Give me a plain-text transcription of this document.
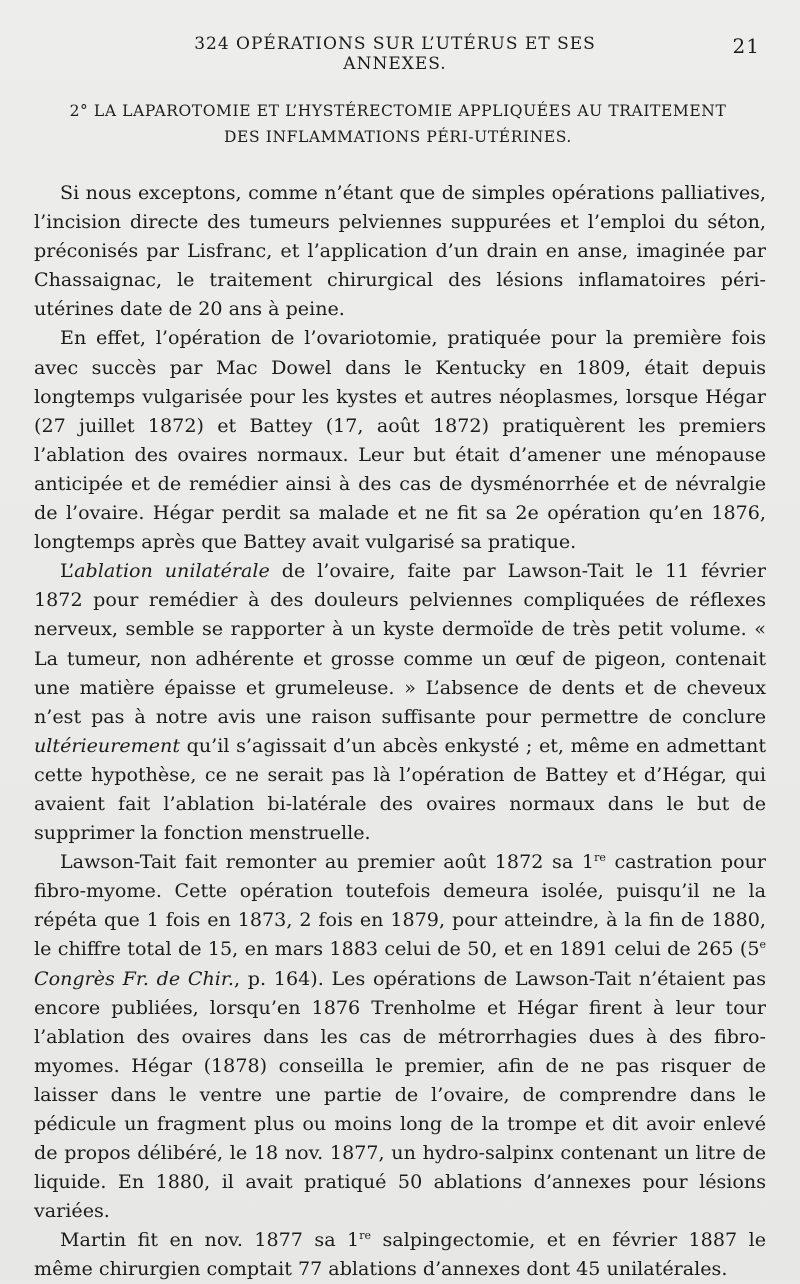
324 OPÉRATIONS SUR L’UTÉRUS ET SES ANNEXES.
21
2° LA LAPAROTOMIE ET L’HYSTÉRECTOMIE APPLIQUÉES AU TRAITEMENT
DES INFLAMMATIONS PÉRI-UTÉRINES.

Si nous exceptons, comme n’étant que de simples opérations palliatives, l’incision directe des tumeurs pelviennes suppurées et l’emploi du séton, préconisés par Lisfranc, et l’application d’un drain en anse, imaginée par Chassaignac, le traitement chirurgical des lésions inflamatoires péri-utérines date de 20 ans à peine.

En effet, l’opération de l’ovariotomie, pratiquée pour la première fois avec succès par Mac Dowel dans le Kentucky en 1809, était depuis longtemps vulgarisée pour les kystes et autres néoplasmes, lorsque Hégar (27 juillet 1872) et Battey (17, août 1872) pratiquèrent les premiers l’ablation des ovaires normaux. Leur but était d’amener une ménopause anticipée et de remédier ainsi à des cas de dysménorrhée et de névralgie de l’ovaire. Hégar perdit sa malade et ne fit sa 2e opération qu’en 1876, longtemps après que Battey avait vulgarisé sa pratique.

L’ablation unilatérale de l’ovaire, faite par Lawson-Tait le 11 février 1872 pour remédier à des douleurs pelviennes compliquées de réflexes nerveux, semble se rapporter à un kyste dermoïde de très petit volume. « La tumeur, non adhérente et grosse comme un œuf de pigeon, contenait une matière épaisse et grumeleuse. » L’absence de dents et de cheveux n’est pas à notre avis une raison suffisante pour permettre de conclure ultérieurement qu’il s’agissait d’un abcès enkysté ; et, même en admettant cette hypothèse, ce ne serait pas là l’opération de Battey et d’Hégar, qui avaient fait l’ablation bi-latérale des ovaires normaux dans le but de supprimer la fonction menstruelle.

Lawson-Tait fait remonter au premier août 1872 sa 1re castration pour fibro-myome. Cette opération toutefois demeura isolée, puisqu’il ne la répéta que 1 fois en 1873, 2 fois en 1879, pour atteindre, à la fin de 1880, le chiffre total de 15, en mars 1883 celui de 50, et en 1891 celui de 265 (5e Congrès Fr. de Chir., p. 164). Les opérations de Lawson-Tait n’étaient pas encore publiées, lorsqu’en 1876 Trenholme et Hégar firent à leur tour l’ablation des ovaires dans les cas de métrorrhagies dues à des fibro-myomes. Hégar (1878) conseilla le premier, afin de ne pas risquer de laisser dans le ventre une partie de l’ovaire, de comprendre dans le pédicule un fragment plus ou moins long de la trompe et dit avoir enlevé de propos délibéré, le 18 nov. 1877, un hydro-salpinx contenant un litre de liquide. En 1880, il avait pratiqué 50 ablations d’annexes pour lésions variées.

Martin fit en nov. 1877 sa 1re salpingectomie, et en février 1887 le même chirurgien comptait 77 ablations d’annexes dont 45 unilatérales.
